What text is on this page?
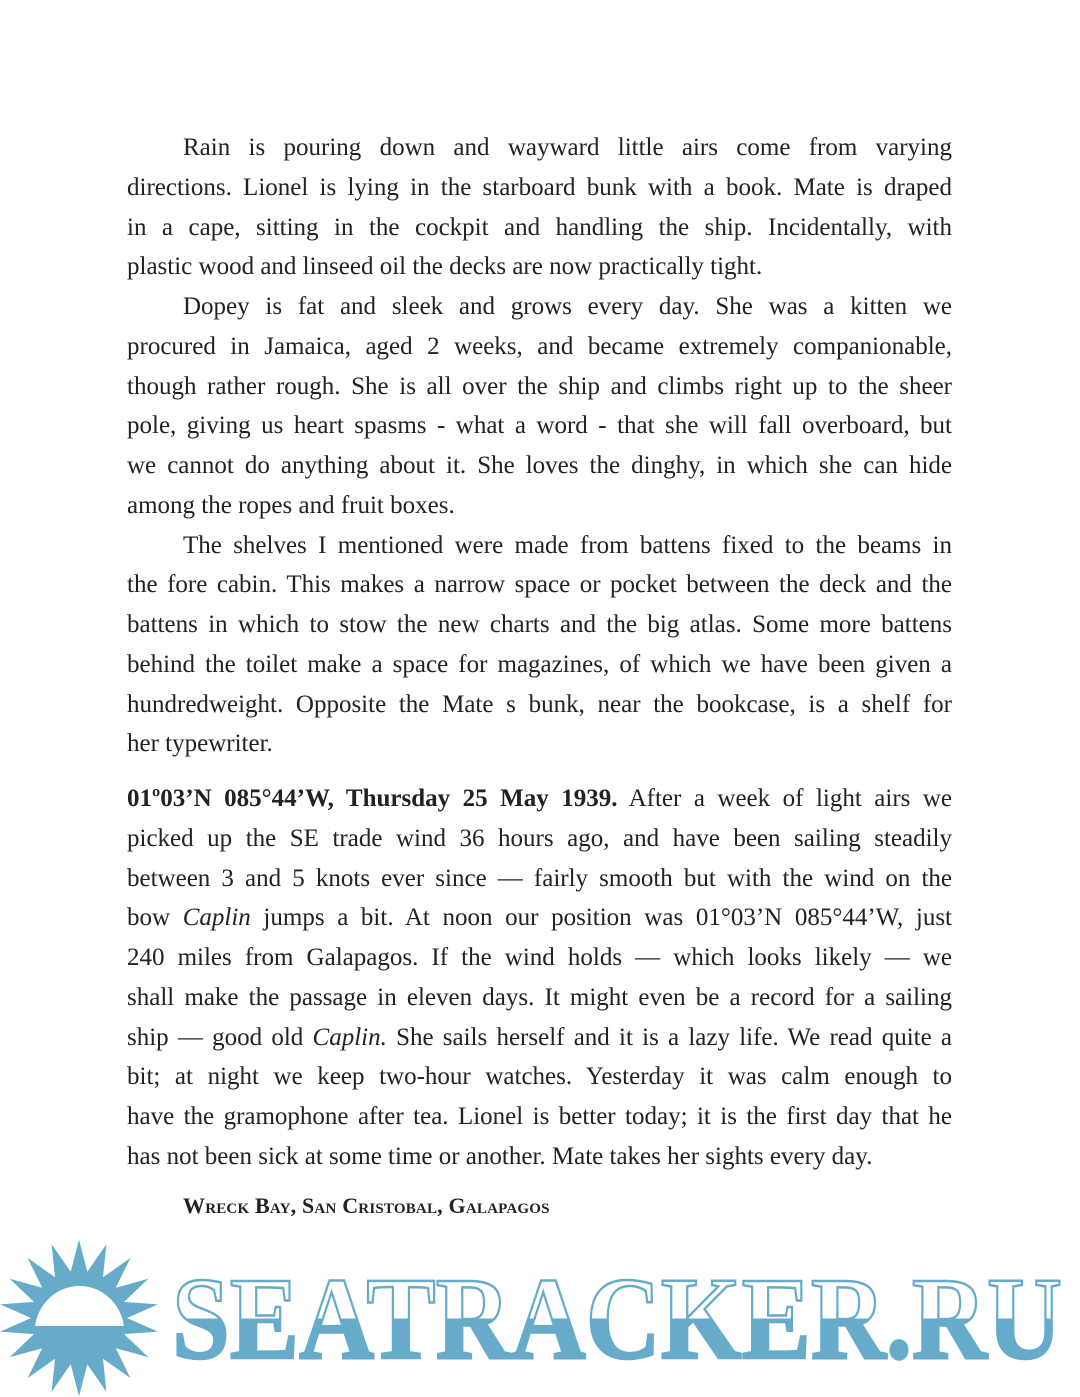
Rain is pouring down and wayward little airs come from varying
directions. Lionel is lying in the starboard bunk with a book. Mate is draped
in a cape, sitting in the cockpit and handling the ship. Incidentally, with
plastic wood and linseed oil the decks are now practically tight.
Dopey is fat and sleek and grows every day. She was a kitten we
procured in Jamaica, aged 2 weeks, and became extremely companionable,
though rather rough. She is all over the ship and climbs right up to the sheer
pole, giving us heart spasms - what a word - that she will fall overboard, but
we cannot do anything about it. She loves the dinghy, in which she can hide
among the ropes and fruit boxes.
The shelves I mentioned were made from battens fixed to the beams in
the fore cabin. This makes a narrow space or pocket between the deck and the
battens in which to stow the new charts and the big atlas. Some more battens
behind the toilet make a space for magazines, of which we have been given a
hundredweight. Opposite the Mate s bunk, near the bookcase, is a shelf for
her typewriter.
01º03’N 085°44’W, Thursday 25 May 1939. After a week of light airs we
picked up the SE trade wind 36 hours ago, and have been sailing steadily
between 3 and 5 knots ever since — fairly smooth but with the wind on the
bow Caplin jumps a bit. At noon our position was 01°03’N 085°44’W, just
240 miles from Galapagos. If the wind holds — which looks likely — we
shall make the passage in eleven days. It might even be a record for a sailing
ship — good old Caplin. She sails herself and it is a lazy life. We read quite a
bit; at night we keep two-hour watches. Yesterday it was calm enough to
have the gramophone after tea. Lionel is better today; it is the first day that he
has not been sick at some time or another. Mate takes her sights every day.
Wreck Bay, San Cristobal, Galapagos
SEATRACKER.RU
